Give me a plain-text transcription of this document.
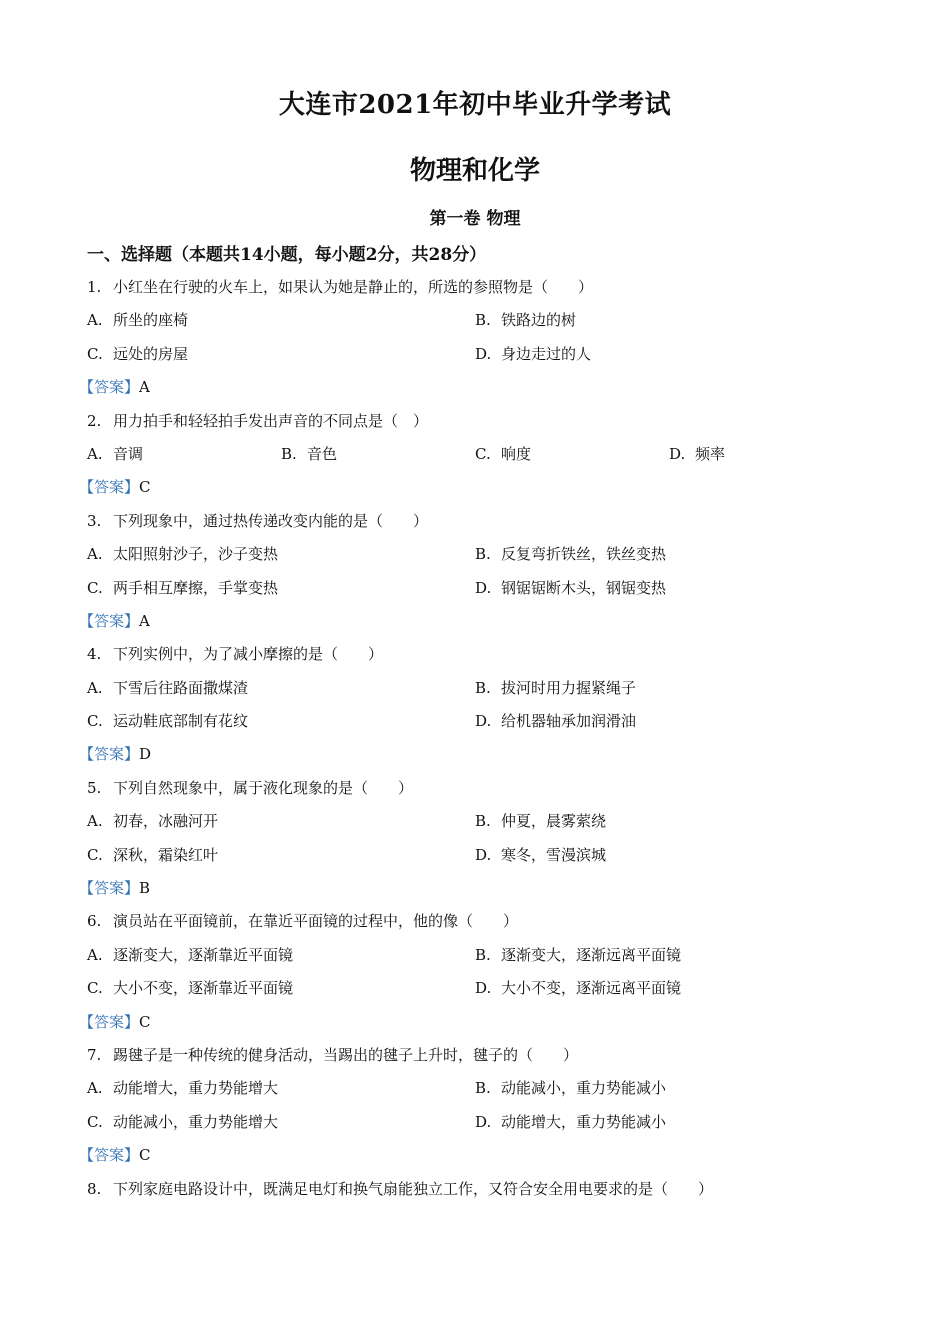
大连市2021年初中毕业升学考试
物理和化学
第一卷 物理
一、选择题（本题共14小题，每小题2分，共28分）
1. 小红坐在行驶的火车上，如果认为她是静止的，所选的参照物是（　　）
A. 所坐的座椅	B. 铁路边的树
C. 远处的房屋	D. 身边走过的人
【答案】A
2. 用力拍手和轻轻拍手发出声音的不同点是（　）
A. 音调	B. 音色	C. 响度	D. 频率
【答案】C
3. 下列现象中，通过热传递改变内能的是（　　）
A. 太阳照射沙子，沙子变热	B. 反复弯折铁丝，铁丝变热
C. 两手相互摩擦，手掌变热	D. 钢锯锯断木头，钢锯变热
【答案】A
4. 下列实例中，为了减小摩擦的是（　　）
A. 下雪后往路面撒煤渣	B. 拔河时用力握紧绳子
C. 运动鞋底部制有花纹	D. 给机器轴承加润滑油
【答案】D
5. 下列自然现象中，属于液化现象的是（　　）
A. 初春，冰融河开	B. 仲夏，晨雾萦绕
C. 深秋，霜染红叶	D. 寒冬，雪漫滨城
【答案】B
6. 演员站在平面镜前，在靠近平面镜的过程中，他的像（　　）
A. 逐渐变大，逐渐靠近平面镜	B. 逐渐变大，逐渐远离平面镜
C. 大小不变，逐渐靠近平面镜	D. 大小不变，逐渐远离平面镜
【答案】C
7. 踢毽子是一种传统的健身活动，当踢出的毽子上升时，毽子的（　　）
A. 动能增大，重力势能增大	B. 动能减小，重力势能减小
C. 动能减小，重力势能增大	D. 动能增大，重力势能减小
【答案】C
8. 下列家庭电路设计中，既满足电灯和换气扇能独立工作，又符合安全用电要求的是（　　）
